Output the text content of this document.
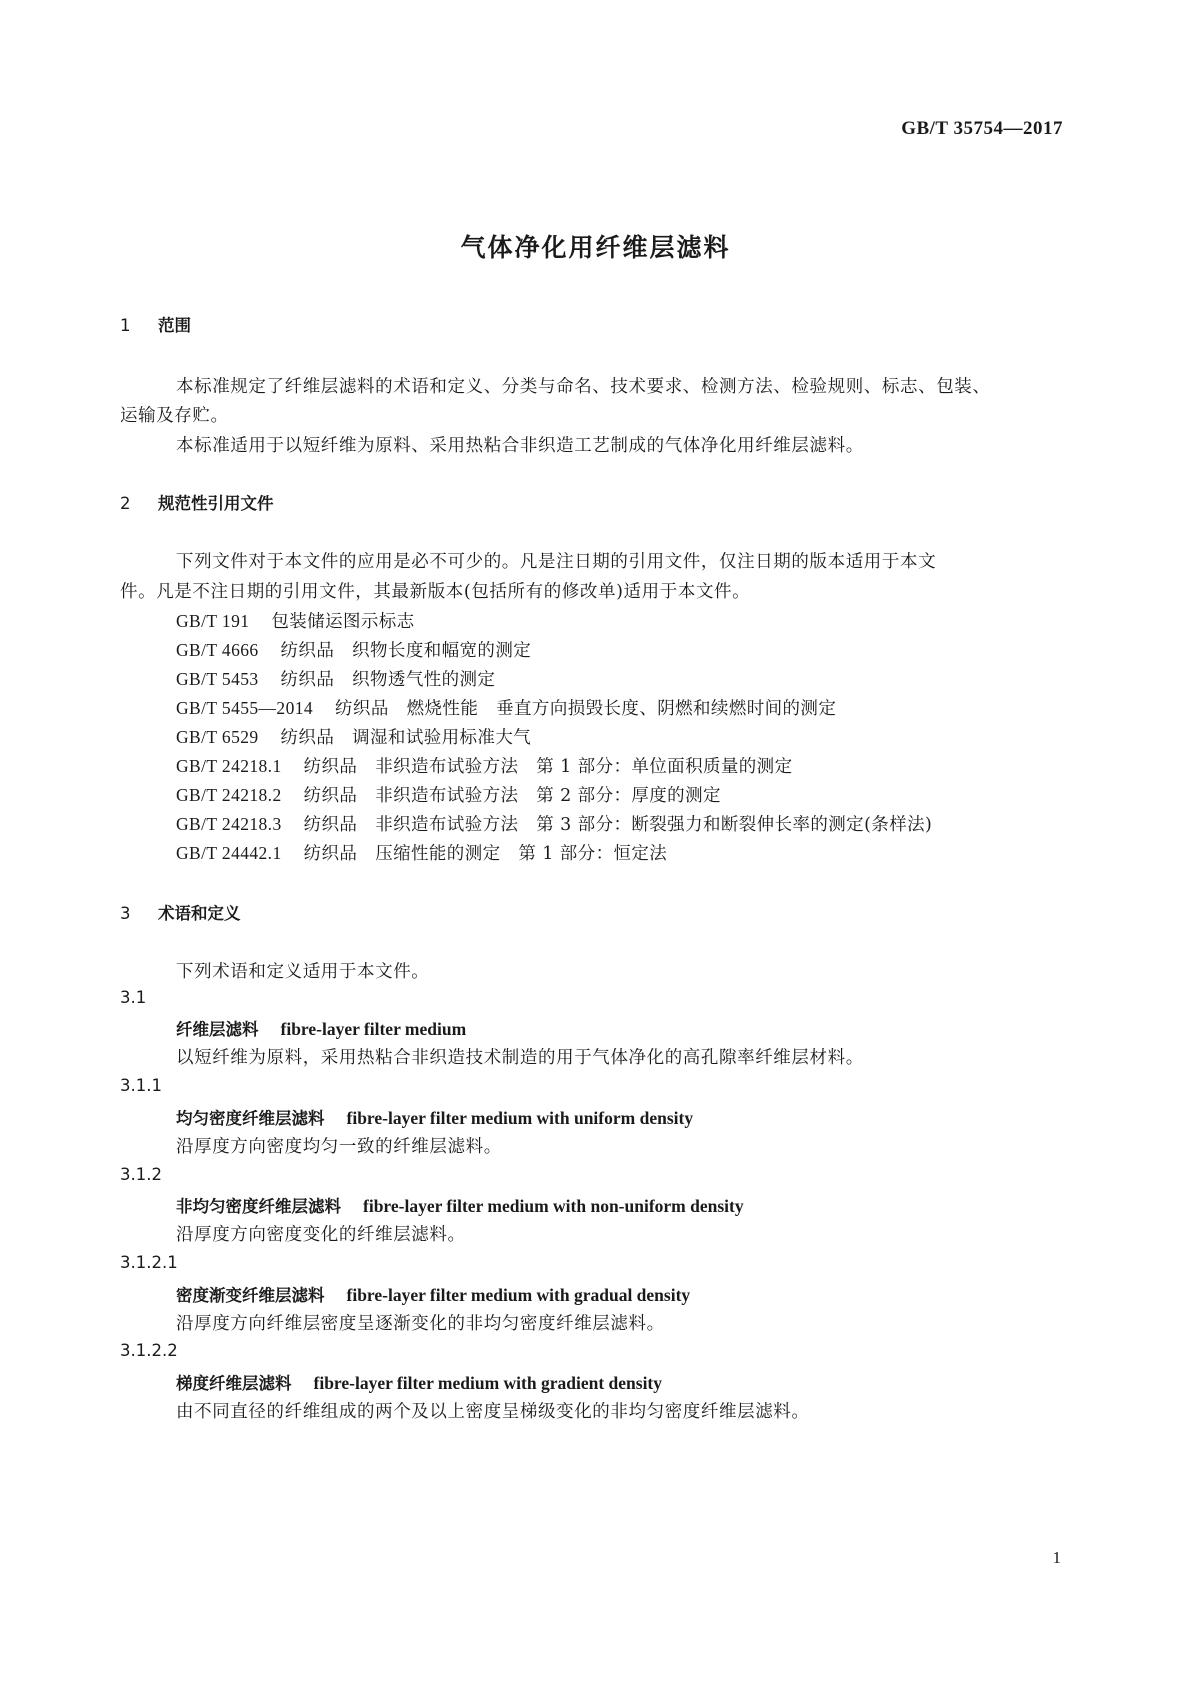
GB/T 35754—2017
气体净化用纤维层滤料
1 范围
本标准规定了纤维层滤料的术语和定义、分类与命名、技术要求、检测方法、检验规则、标志、包装、
运输及存贮。
本标准适用于以短纤维为原料、采用热粘合非织造工艺制成的气体净化用纤维层滤料。
2 规范性引用文件
下列文件对于本文件的应用是必不可少的。凡是注日期的引用文件，仅注日期的版本适用于本文
件。凡是不注日期的引用文件，其最新版本(包括所有的修改单)适用于本文件。
GB/T 191 包装储运图示标志
GB/T 4666 纺织品　织物长度和幅宽的测定
GB/T 5453 纺织品　织物透气性的测定
GB/T 5455—2014 纺织品　燃烧性能　垂直方向损毁长度、阴燃和续燃时间的测定
GB/T 6529 纺织品　调湿和试验用标准大气
GB/T 24218.1 纺织品　非织造布试验方法　第 1 部分：单位面积质量的测定
GB/T 24218.2 纺织品　非织造布试验方法　第 2 部分：厚度的测定
GB/T 24218.3 纺织品　非织造布试验方法　第 3 部分：断裂强力和断裂伸长率的测定(条样法)
GB/T 24442.1 纺织品　压缩性能的测定　第 1 部分：恒定法
3 术语和定义
下列术语和定义适用于本文件。
3.1
纤维层滤料 fibre-layer filter medium
以短纤维为原料，采用热粘合非织造技术制造的用于气体净化的高孔隙率纤维层材料。
3.1.1
均匀密度纤维层滤料 fibre-layer filter medium with uniform density
沿厚度方向密度均匀一致的纤维层滤料。
3.1.2
非均匀密度纤维层滤料 fibre-layer filter medium with non-uniform density
沿厚度方向密度变化的纤维层滤料。
3.1.2.1
密度渐变纤维层滤料 fibre-layer filter medium with gradual density
沿厚度方向纤维层密度呈逐渐变化的非均匀密度纤维层滤料。
3.1.2.2
梯度纤维层滤料 fibre-layer filter medium with gradient density
由不同直径的纤维组成的两个及以上密度呈梯级变化的非均匀密度纤维层滤料。
1
